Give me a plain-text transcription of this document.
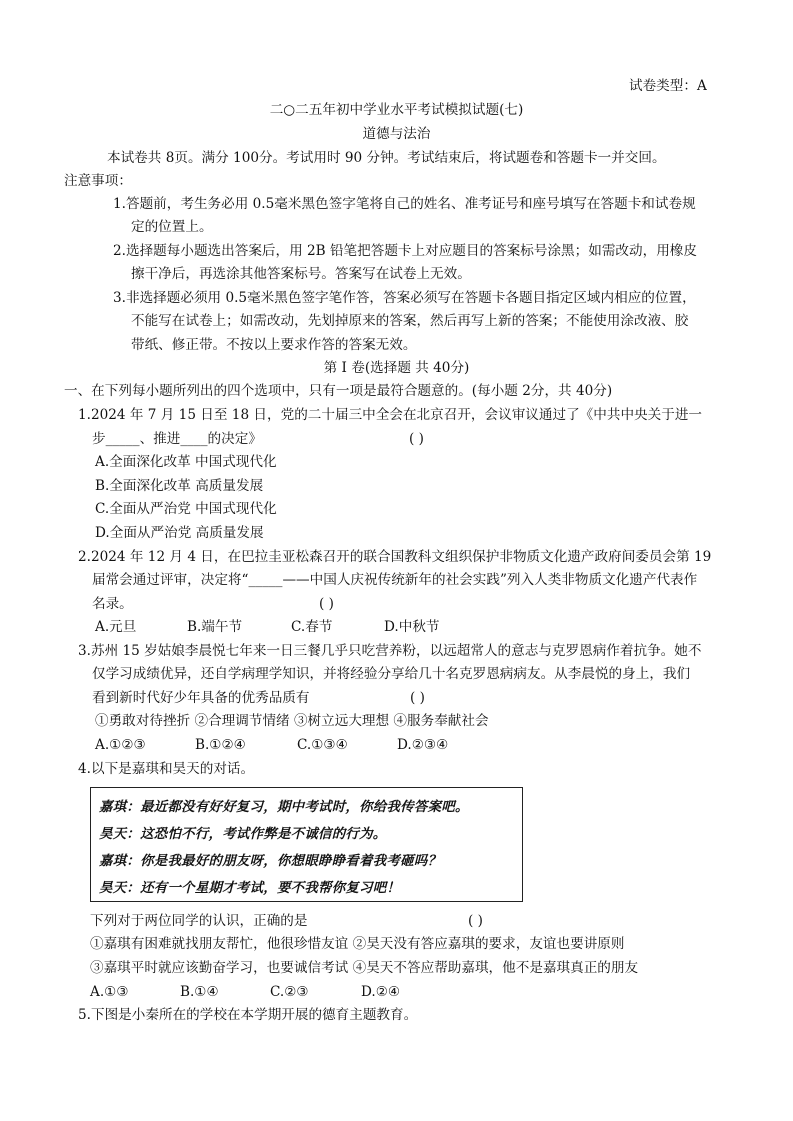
试卷类型：A
二○二五年初中学业水平考试模拟试题(七)
道德与法治
本试卷共 8页。满分 100分。考试用时 90 分钟。考试结束后，将试题卷和答题卡一并交回。
注意事项：
1.答题前，考生务必用 0.5毫米黑色签字笔将自己的姓名、准考证号和座号填写在答题卡和试卷规
定的位置上。
2.选择题每小题选出答案后，用 2B 铅笔把答题卡上对应题目的答案标号涂黑；如需改动，用橡皮
擦干净后，再选涂其他答案标号。答案写在试卷上无效。
3.非选择题必须用 0.5毫米黑色签字笔作答，答案必须写在答题卡各题目指定区域内相应的位置，
不能写在试卷上；如需改动，先划掉原来的答案，然后再写上新的答案；不能使用涂改液、胶
带纸、修正带。不按以上要求作答的答案无效。
第 I 卷(选择题 共 40分)
一、在下列每小题所列出的四个选项中，只有一项是最符合题意的。(每小题 2分，共 40分)
1.2024 年 7 月 15 日至 18 日，党的二十届三中全会在北京召开，会议审议通过了《中共中央关于进一
步_____、推进____的决定》	( )
A.全面深化改革 中国式现代化
B.全面深化改革 高质量发展
C.全面从严治党 中国式现代化
D.全面从严治党 高质量发展
2.2024 年 12 月 4 日，在巴拉圭亚松森召开的联合国教科文组织保护非物质文化遗产政府间委员会第 19
届常会通过评审，决定将“_____——中国人庆祝传统新年的社会实践”列入人类非物质文化遗产代表作
名录。	( )
A.元旦	B.端午节	C.春节	D.中秋节
3.苏州 15 岁姑娘李晨悦七年来一日三餐几乎只吃营养粉，以远超常人的意志与克罗恩病作着抗争。她不
仅学习成绩优异，还自学病理学知识，并将经验分享给几十名克罗恩病病友。从李晨悦的身上，我们
看到新时代好少年具备的优秀品质有	( )
①勇敢对待挫折 ②合理调节情绪 ③树立远大理想 ④服务奉献社会
A.①②③	B.①②④	C.①③④	D.②③④
4.以下是嘉琪和昊天的对话。
嘉琪：最近都没有好好复习，期中考试时，你给我传答案吧。
昊天：这恐怕不行，考试作弊是不诚信的行为。
嘉琪：你是我最好的朋友呀，你想眼睁睁看着我考砸吗？
昊天：还有一个星期才考试，要不我帮你复习吧！
下列对于两位同学的认识，正确的是	( )
①嘉琪有困难就找朋友帮忙，他很珍惜友谊 ②昊天没有答应嘉琪的要求，友谊也要讲原则
③嘉琪平时就应该勤奋学习，也要诚信考试 ④昊天不答应帮助嘉琪，他不是嘉琪真正的朋友
A.①③	B.①④	C.②③	D.②④
5.下图是小秦所在的学校在本学期开展的德育主题教育。
